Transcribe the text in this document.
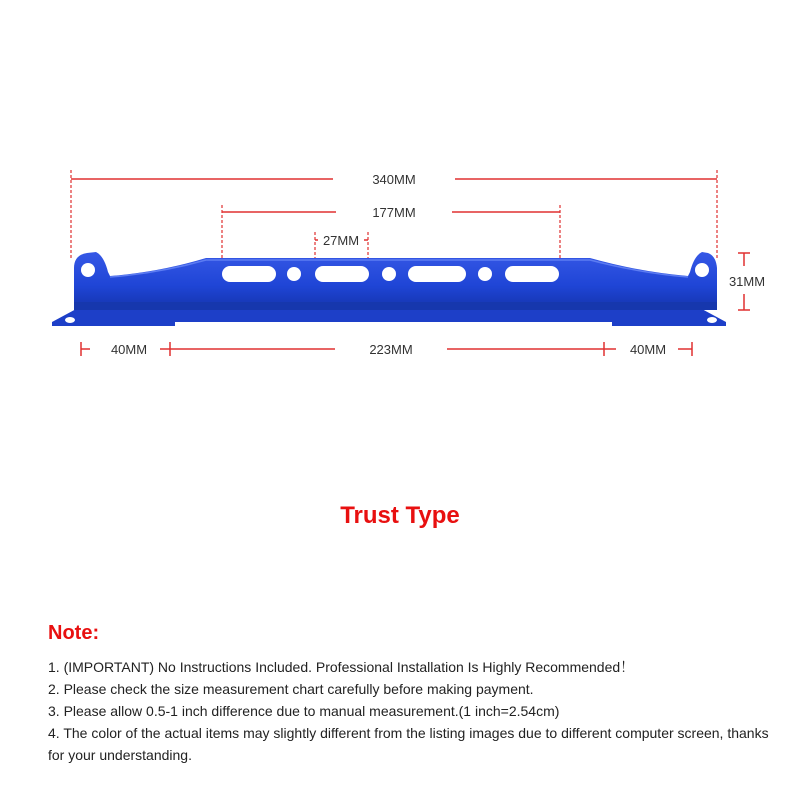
340MM
177MM
27MM
31MM
40MM	223MM	40MM
Trust Type
Note:
1. (IMPORTANT) No Instructions Included. Professional Installation Is Highly Recommended！
2. Please check the size measurement chart carefully before making payment.
3. Please allow 0.5-1 inch difference due to manual measurement.(1 inch=2.54cm)
4. The color of the actual items may slightly different from the listing images due to different computer screen, thanks for your understanding.
